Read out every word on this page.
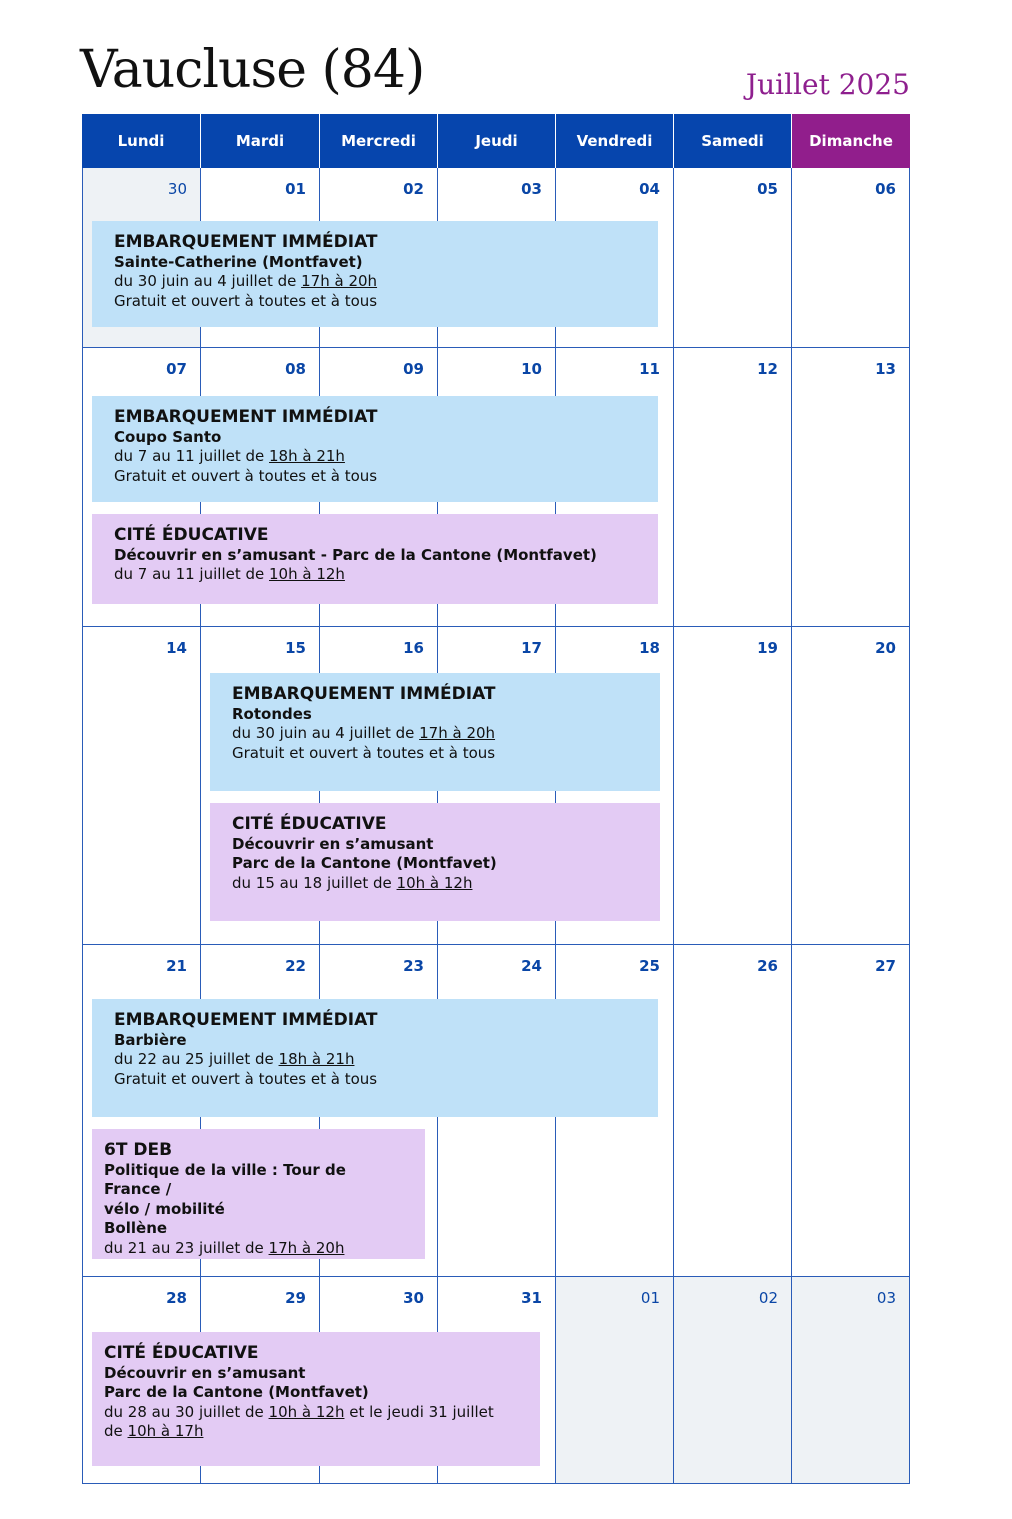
Vaucluse (84)	Juillet 2025
Lundi	Mardi	Mercredi	Jeudi	Vendredi	Samedi	Dimanche
30	01	02	03	04	05	06
07	08	09	10	11	12	13
14	15	16	17	18	19	20
21	22	23	24	25	26	27
28	29	30	31	01	02	03
EMBARQUEMENT IMMÉDIAT
Sainte-Catherine (Montfavet)
du 30 juin au 4 juillet de 17h à 20h
Gratuit et ouvert à toutes et à tous
EMBARQUEMENT IMMÉDIAT
Coupo Santo
du 7 au 11 juillet de 18h à 21h
Gratuit et ouvert à toutes et à tous
CITÉ ÉDUCATIVE
Découvrir en s’amusant - Parc de la Cantone (Montfavet)
du 7 au 11 juillet de 10h à 12h
EMBARQUEMENT IMMÉDIAT
Rotondes
du 30 juin au 4 juillet de 17h à 20h
Gratuit et ouvert à toutes et à tous
CITÉ ÉDUCATIVE
Découvrir en s’amusant
Parc de la Cantone (Montfavet)
du 15 au 18 juillet de 10h à 12h
EMBARQUEMENT IMMÉDIAT
Barbière
du 22 au 25 juillet de 18h à 21h
Gratuit et ouvert à toutes et à tous
6T DEB
Politique de la ville : Tour de France /
vélo / mobilité
Bollène
du 21 au 23 juillet de 17h à 20h
CITÉ ÉDUCATIVE
Découvrir en s’amusant
Parc de la Cantone (Montfavet)
du 28 au 30 juillet de 10h à 12h et le jeudi 31 juillet
de 10h à 17h
